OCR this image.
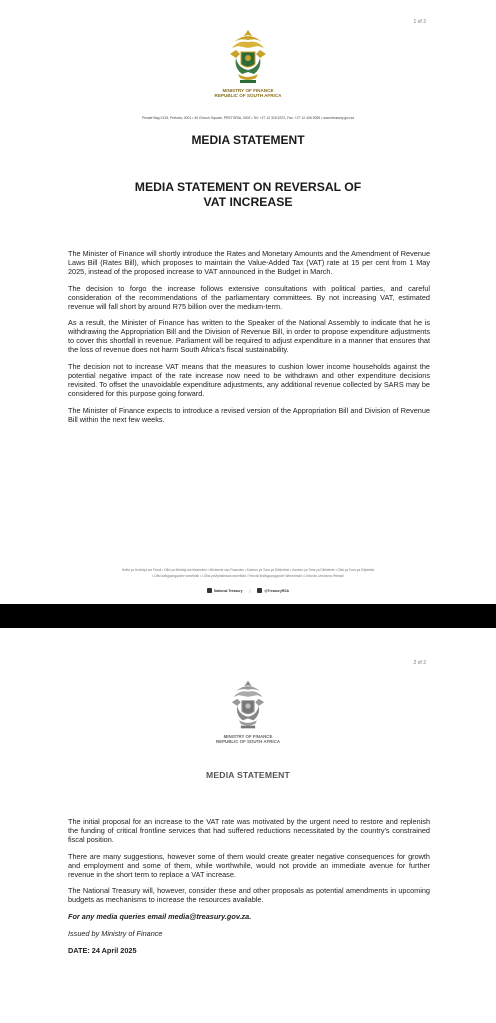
1 of 2
MINISTRY OF FINANCE
REPUBLIC OF SOUTH AFRICA
Private Bag X115, Pretoria, 0001 • 40 Church Square, PRETORIA, 0002 • Tel: +27 12 315 5372, Fax: +27 12 406 9055 • www.treasury.gov.za
MEDIA STATEMENT
MEDIA STATEMENT ON REVERSAL OF
VAT INCREASE

The Minister of Finance will shortly introduce the Rates and Monetary Amounts and the Amendment of Revenue Laws Bill (Rates Bill), which proposes to maintain the Value-Added Tax (VAT) rate at 15 per cent from 1 May 2025, instead of the proposed increase to VAT announced in the Budget in March.

The decision to forgo the increase follows extensive consultations with political parties, and careful consideration of the recommendations of the parliamentary committees. By not increasing VAT, estimated revenue will fall short by around R75 billion over the medium-term.

As a result, the Minister of Finance has written to the Speaker of the National Assembly to indicate that he is withdrawing the Appropriation Bill and the Division of Revenue Bill, in order to propose expenditure adjustments to cover this shortfall in revenue. Parliament will be required to adjust expenditure in a manner that ensures that the loss of revenue does not harm South Africa's fiscal sustainability.

The decision not to increase VAT means that the measures to cushion lower income households against the potential negative impact of the rate increase now need to be withdrawn and other expenditure decisions revisited. To offset the unavoidable expenditure adjustments, any additional revenue collected by SARS may be considered for this purpose going forward.

The Minister of Finance expects to introduce a revised version of the Appropriation Bill and Division of Revenue Bill within the next few weeks.

Hofisi ya Holokiya wa Timali • Ofisi ya Mirisitja wa Masheleni • Ministerie van Finansies • Kantoro ya Tona ya Ditšhelete • Kantoro ya Tona ya Ditšhelete • Ofisi ya Tona ya Ditjhelete
I-Ofisi kaNgqongqoshe wezeMali • I-Ofisi yoMphathiswa wezeMali • Hhovisi likaNgqongqoshe Wezezimali • Lihhovisi Lendvuna Yetimali
National Treasury |	@TreasuryRSA
2 of 2
MINISTRY OF FINANCE
REPUBLIC OF SOUTH AFRICA
MEDIA STATEMENT

The initial proposal for an increase to the VAT rate was motivated by the urgent need to restore and replenish the funding of critical frontline services that had suffered reductions necessitated by the country's constrained fiscal position.

There are many suggestions, however some of them would create greater negative consequences for growth and employment and some of them, while worthwhile, would not provide an immediate avenue for further revenue in the short term to replace a VAT increase.

The National Treasury will, however, consider these and other proposals as potential amendments in upcoming budgets as mechanisms to increase the resources available.

For any media queries email media@treasury.gov.za.

Issued by Ministry of Finance

DATE: 24 April 2025
